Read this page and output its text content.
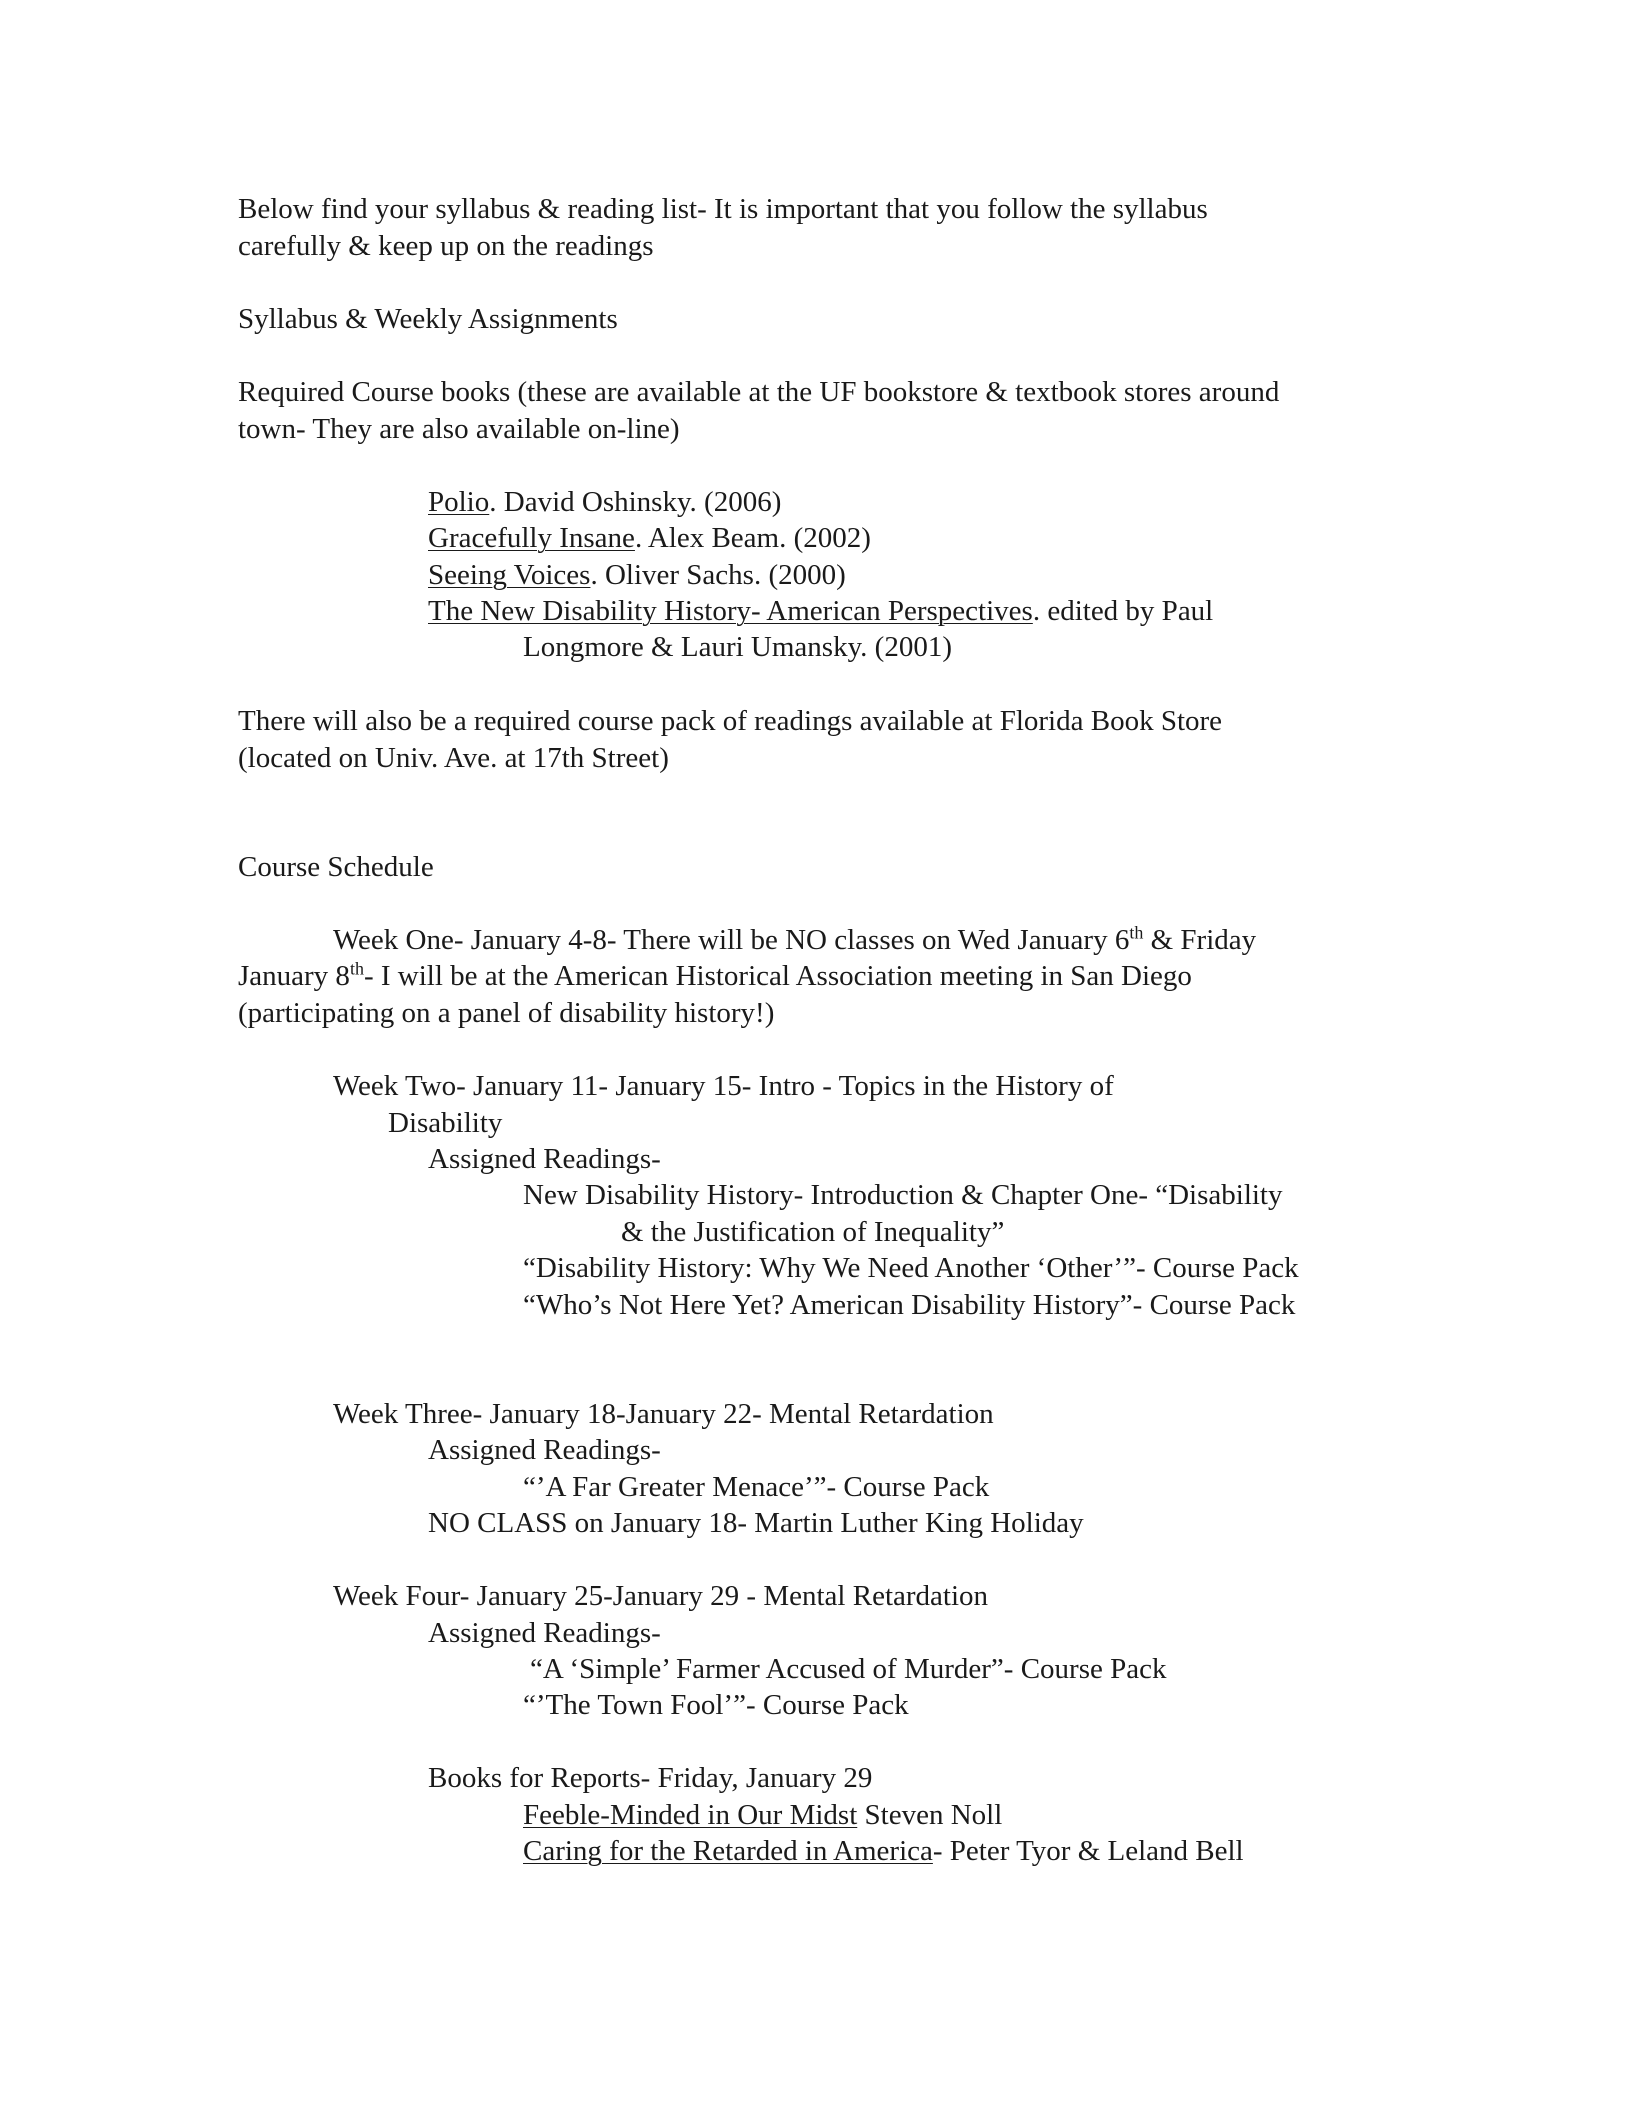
Below find your syllabus & reading list- It is important that you follow the syllabus
carefully & keep up on the readings
Syllabus & Weekly Assignments
Required Course books (these are available at the UF bookstore & textbook stores around
town- They are also available on-line)
Polio. David Oshinsky. (2006)
Gracefully Insane. Alex Beam. (2002)
Seeing Voices. Oliver Sachs. (2000)
The New Disability History- American Perspectives. edited by Paul
Longmore & Lauri Umansky. (2001)
There will also be a required course pack of readings available at Florida Book Store
(located on Univ. Ave. at 17th Street)
Course Schedule
Week One- January 4-8- There will be NO classes on Wed January 6th & Friday
January 8th- I will be at the American Historical Association meeting in San Diego
(participating on a panel of disability history!)
Week Two- January 11- January 15- Intro - Topics in the History of
Disability
Assigned Readings-
New Disability History- Introduction & Chapter One- “Disability
& the Justification of Inequality”
“Disability History: Why We Need Another ‘Other’”- Course Pack
“Who’s Not Here Yet? American Disability History”- Course Pack
Week Three- January 18-January 22- Mental Retardation
Assigned Readings-
“’A Far Greater Menace’”- Course Pack
NO CLASS on January 18- Martin Luther King Holiday
Week Four- January 25-January 29 - Mental Retardation
Assigned Readings-
“A ‘Simple’ Farmer Accused of Murder”- Course Pack
“’The Town Fool’”- Course Pack
Books for Reports- Friday, January 29
Feeble-Minded in Our Midst Steven Noll
Caring for the Retarded in America- Peter Tyor & Leland Bell
